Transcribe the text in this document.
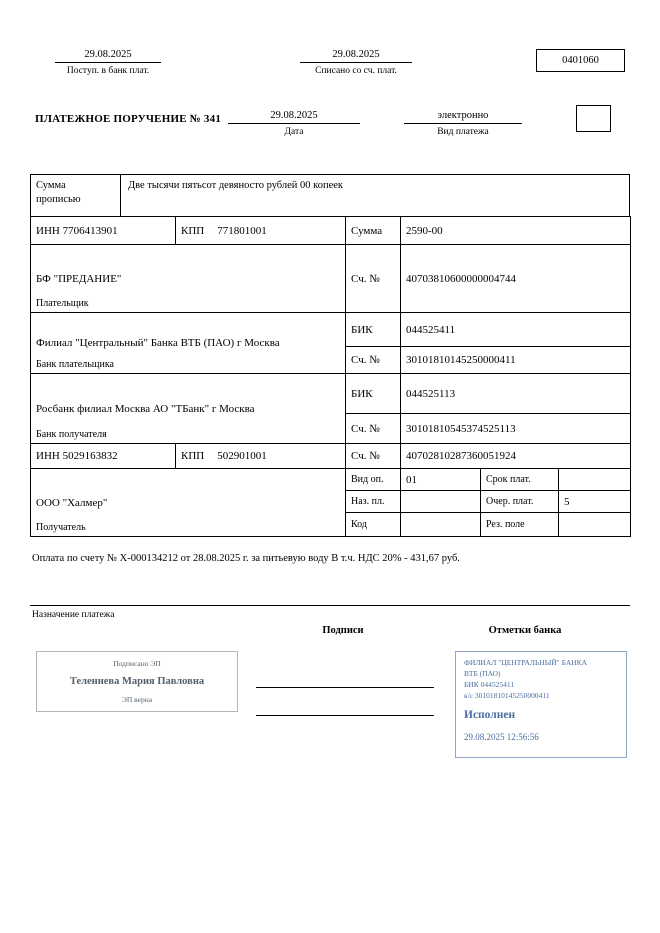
29.08.2025
Поступ. в банк плат.
29.08.2025
Списано со сч. плат.
0401060
ПЛАТЕЖНОЕ ПОРУЧЕНИЕ № 341	29.08.2025
Дата
электронно
Вид платежа
Сумма
прописью
Две тысячи пятьсот девяносто рублей 00 копеек
ИНН 7706413901	КПП 771801001	Сумма	2590-00		

БФ "ПРЕДАНИЕ"
Плательщик		Сч. №	40703810600000004744		

Филиал "Центральный" Банка ВТБ (ПАО) г Москва
Банк плательщика		БИК	044525411		
		Сч. №	30101810145250000411		

Росбанк филиал Москва АО "ТБанк" г Москва
Банк получателя		БИК	044525113		
		Сч. №	30101810545374525113		
ИНН 5029163832	КПП 502901001	Сч. №	40702810287360051924		

ООО "Халмер"
Получатель		Вид оп.	01	Срок плат.	
		Наз. пл.		Очер. плат.	5
		Код		Рез. поле	
Оплата по счету № Х-000134212 от 28.08.2025 г. за питьевую воду В т.ч. НДС 20% - 431,67 руб.
Назначение платежа
Подписи	Отметки банка
Подписано ЭП
Теленнева Мария Павловна
ЭП верна
ФИЛИАЛ "ЦЕНТРАЛЬНЫЙ" БАНКА
ВТБ (ПАО)
БИК 044525411
к/с 30101810145250000411
Исполнен
29.08.2025 12:56:56
